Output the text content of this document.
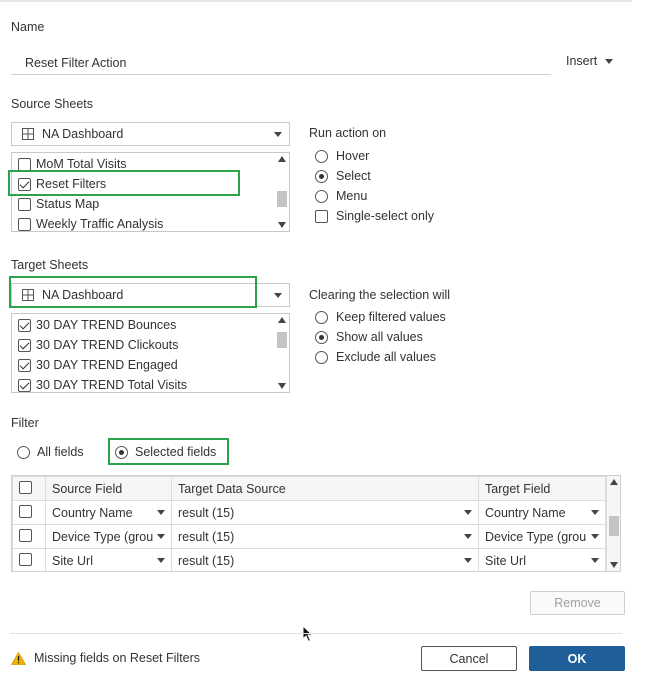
Name
Reset Filter Action	Insert
Source Sheets
NA Dashboard
MoM Total Visits
Reset Filters
Status Map
Weekly Traffic Analysis
Run action on
Hover
Select
Menu
Single-select only
Target Sheets
NA Dashboard
30 DAY TREND Bounces
30 DAY TREND Clickouts
30 DAY TREND Engaged
30 DAY TREND Total Visits
Clearing the selection will
Keep filtered values
Show all values
Exclude all values
Filter
All fields	Selected fields
	Source Field	Target Data Source	Target Field

	Country Name	result (15)	Country Name

	Device Type (grou	result (15)	Device Type (grou

	Site Url	result (15)	Site Url
Remove
Missing fields on Reset Filters	Cancel	OK
